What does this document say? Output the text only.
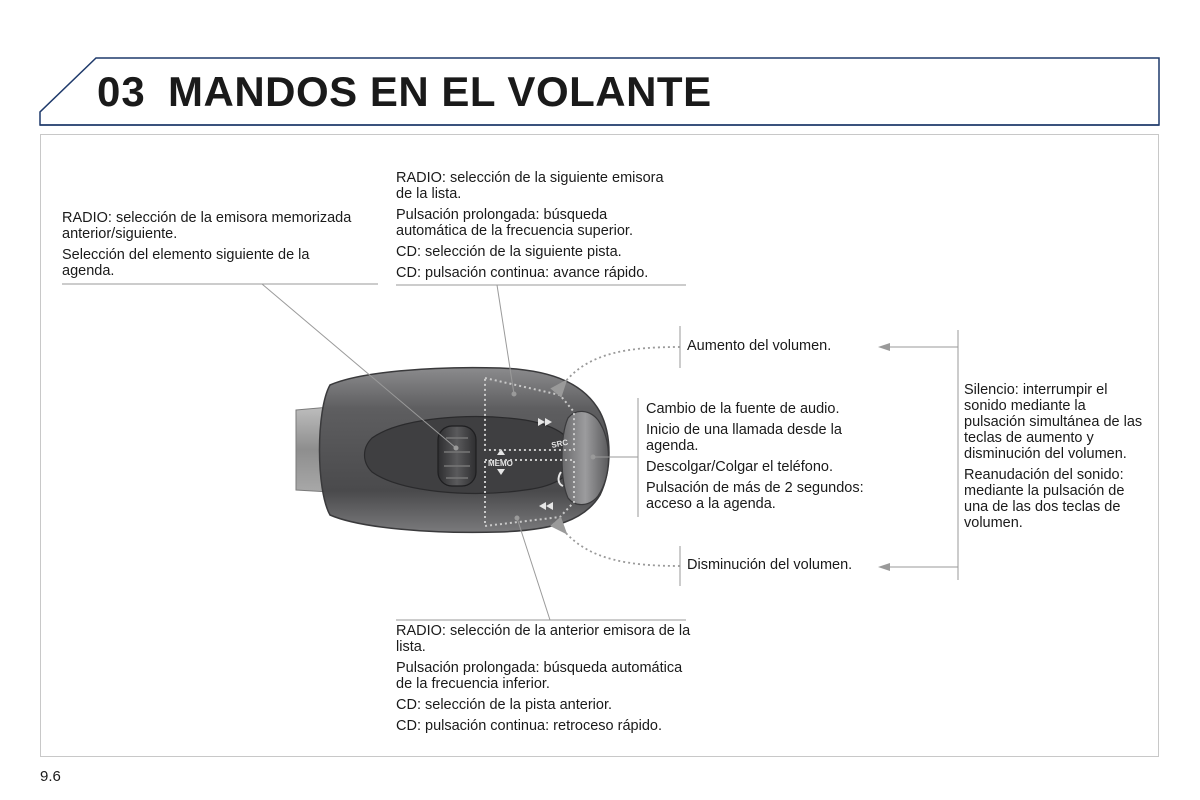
03 MANDOS EN EL VOLANTE
SRC
MEMO

RADIO: selección de la emisora memorizada anterior/siguiente.

Selección del elemento siguiente de la agenda.

RADIO: selección de la siguiente emisora de la lista.

Pulsación prolongada: búsqueda automática de la frecuencia superior.

CD: selección de la siguiente pista.

CD: pulsación continua: avance rápido.

Aumento del volumen.

Cambio de la fuente de audio.

Inicio de una llamada desde la agenda.

Descolgar/Colgar el teléfono.

Pulsación de más de 2 segundos: acceso a la agenda.

Disminución del volumen.

Silencio: interrumpir el sonido mediante la pulsación simultánea de las teclas de aumento y disminución del volumen.

Reanudación del sonido: mediante la pulsación de una de las dos teclas de volumen.

RADIO: selección de la anterior emisora de la lista.

Pulsación prolongada: búsqueda automática de la frecuencia inferior.

CD: selección de la pista anterior.

CD: pulsación continua: retroceso rápido.

9.6
